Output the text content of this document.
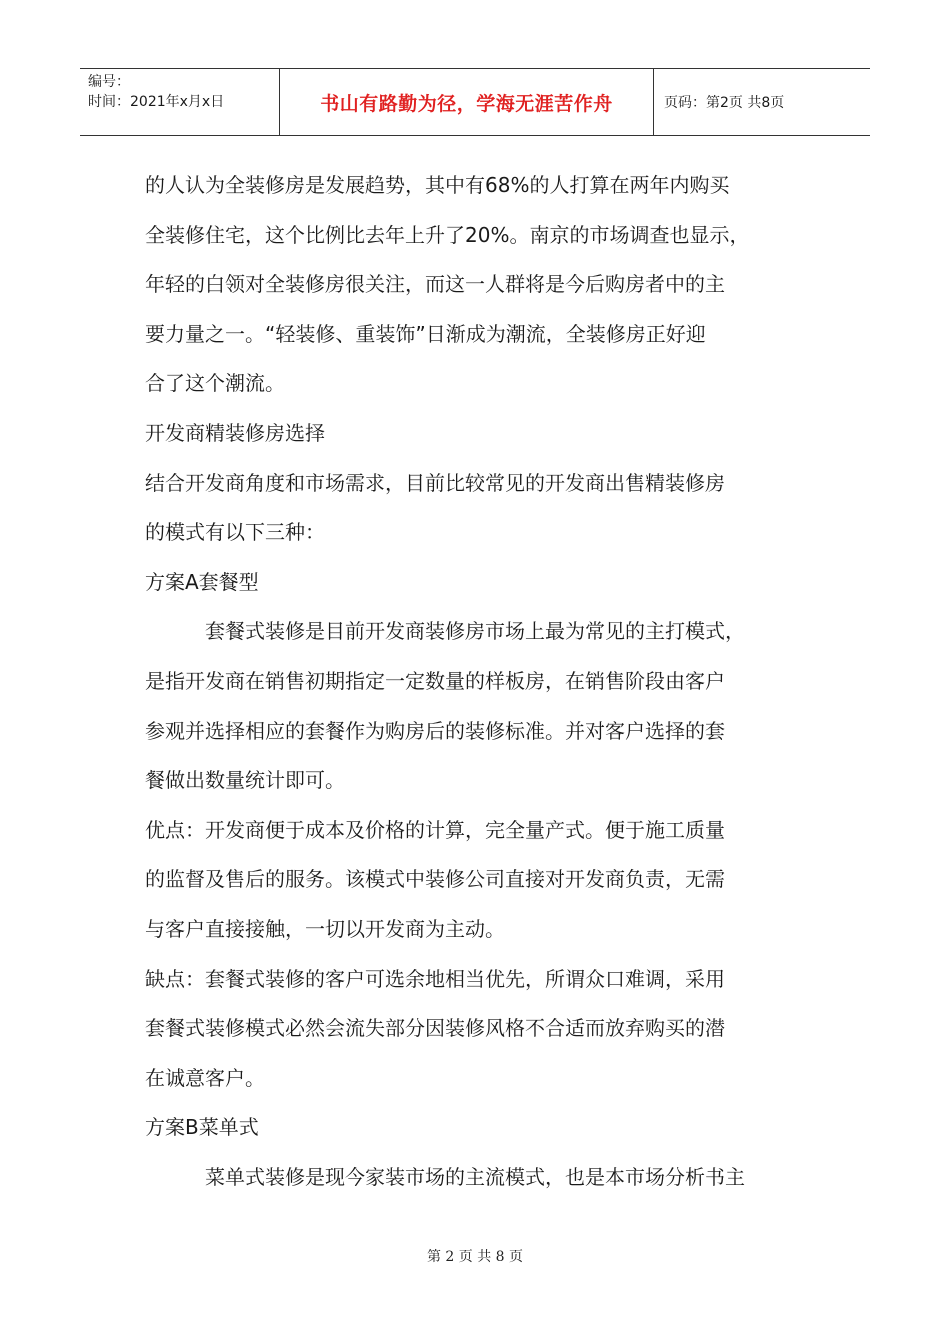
编号：
时间：2021年x月x日	书山有路勤为径，学海无涯苦作舟	页码：第2页 共8页
的人认为全装修房是发展趋势，其中有68%的人打算在两年内购买
全装修住宅，这个比例比去年上升了20%。南京的市场调查也显示，
年轻的白领对全装修房很关注，而这一人群将是今后购房者中的主
要力量之一。“轻装修、重装饰”日渐成为潮流，全装修房正好迎
合了这个潮流。
开发商精装修房选择
结合开发商角度和市场需求，目前比较常见的开发商出售精装修房
的模式有以下三种：
方案A套餐型
套餐式装修是目前开发商装修房市场上最为常见的主打模式，
是指开发商在销售初期指定一定数量的样板房，在销售阶段由客户
参观并选择相应的套餐作为购房后的装修标准。并对客户选择的套
餐做出数量统计即可。
优点：开发商便于成本及价格的计算，完全量产式。便于施工质量
的监督及售后的服务。该模式中装修公司直接对开发商负责，无需
与客户直接接触，一切以开发商为主动。
缺点：套餐式装修的客户可选余地相当优先，所谓众口难调，采用
套餐式装修模式必然会流失部分因装修风格不合适而放弃购买的潜
在诚意客户。
方案B菜单式
菜单式装修是现今家装市场的主流模式，也是本市场分析书主
第 2 页 共 8 页
